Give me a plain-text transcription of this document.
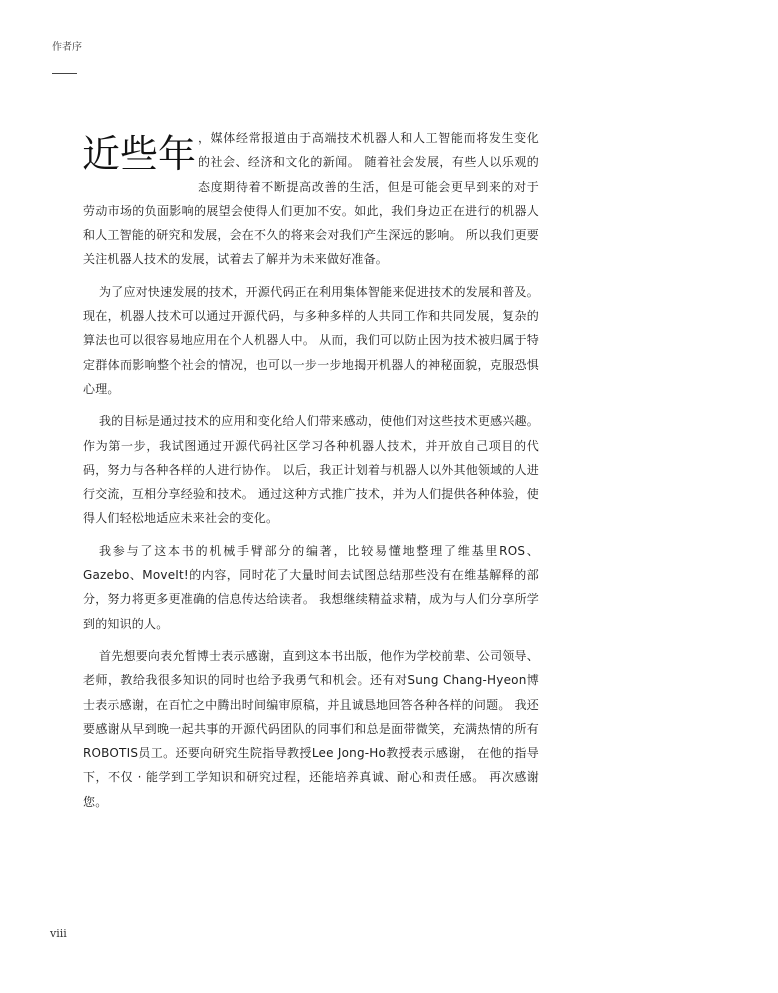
作者序

近些年 ，媒体经常报道由于高端技术机器人和人工智能而将发生变化的社会、经济和文化的新闻。 随着社会发展，有些人以乐观的态度期待着不断提高改善的生活，但是可能会更早到来的对于劳动市场的负面影响的展望会使得人们更加不安。如此，我们身边正在进行的机器人和人工智能的研究和发展，会在不久的将来会对我们产生深远的影响。 所以我们更要关注机器人技术的发展，试着去了解并为未来做好准备。

为了应对快速发展的技术，开源代码正在利用集体智能来促进技术的发展和普及。 现在，机器人技术可以通过开源代码，与多种多样的人共同工作和共同发展，复杂的算法也可以很容易地应用在个人机器人中。 从而，我们可以防止因为技术被归属于特定群体而影响整个社会的情况，也可以一步一步地揭开机器人的神秘面貌，克服恐惧心理。

我的目标是通过技术的应用和变化给人们带来感动，使他们对这些技术更感兴趣。 作为第一步，我试图通过开源代码社区学习各种机器人技术，并开放自己项目的代码，努力与各种各样的人进行协作。 以后，我正计划着与机器人以外其他领域的人进行交流，互相分享经验和技术。 通过这种方式推广技术，并为人们提供各种体验，使得人们轻松地适应未来社会的变化。

我参与了这本书的机械手臂部分的编著，比较易懂地整理了维基里ROS、Gazebo、MoveIt!的内容，同时花了大量时间去试图总结那些没有在维基解释的部分，努力将更多更准确的信息传达给读者。 我想继续精益求精，成为与人们分享所学到的知识的人。

首先想要向表允晳博士表示感谢，直到这本书出版，他作为学校前辈、公司领导、老师，教给我很多知识的同时也给予我勇气和机会。还有对Sung Chang-Hyeon博士表示感谢，在百忙之中腾出时间编审原稿，并且诚恳地回答各种各样的问题。 我还要感谢从早到晚一起共事的开源代码团队的同事们和总是面带微笑，充满热情的所有ROBOTIS员工。还要向研究生院指导教授Lee Jong-Ho教授表示感谢， 在他的指导下，不仅 · 能学到工学知识和研究过程，还能培养真诚、耐心和责任感。 再次感谢您。

viii
